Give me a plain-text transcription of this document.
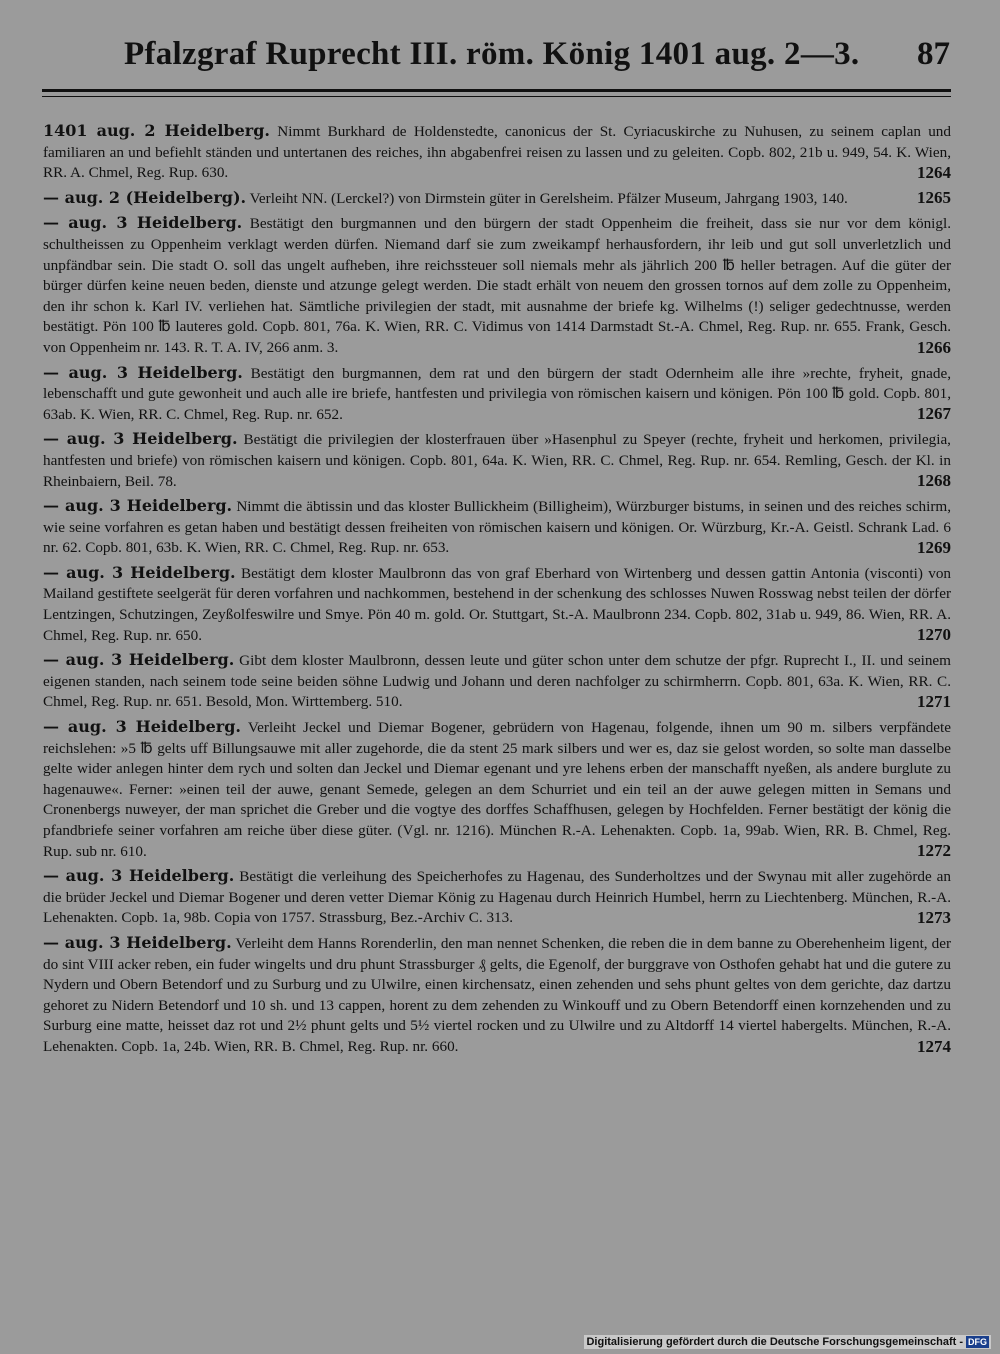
Pfalzgraf Ruprecht III. röm. König 1401 aug. 2—3. 87
1401 aug. 2 Heidelberg. Nimmt Burkhard de Holdenstedte, canonicus der St. Cyriacuskirche zu Nuhusen, zu seinem caplan und familiaren an und befiehlt ständen und untertanen des reiches, ihn abgabenfrei reisen zu lassen und zu geleiten. Copb. 802, 21b u. 949, 54. K. Wien, RR. A. Chmel, Reg. Rup. 630.	1264
— aug. 2 (Heidelberg). Verleiht NN. (Lerckel?) von Dirmstein güter in Gerelsheim. Pfälzer Museum, Jahrgang 1903, 140.	1265
— aug. 3 Heidelberg. Bestätigt den burgmannen und den bürgern der stadt Oppenheim die freiheit, dass sie nur vor dem königl. schultheissen zu Oppenheim verklagt werden dürfen. Niemand darf sie zum zweikampf herhausfordern, ihr leib und gut soll unverletzlich und unpfändbar sein. Die stadt O. soll das ungelt aufheben, ihre reichssteuer soll niemals mehr als jährlich 200 ℔ heller betragen. Auf die güter der bürger dürfen keine neuen beden, dienste und atzunge gelegt werden. Die stadt erhält von neuem den grossen tornos auf dem zolle zu Oppenheim, den ihr schon k. Karl IV. verliehen hat. Sämtliche privilegien der stadt, mit ausnahme der briefe kg. Wilhelms (!) seliger gedechtnusse, werden bestätigt. Pön 100 ℔ lauteres gold. Copb. 801, 76a. K. Wien, RR. C. Vidimus von 1414 Darmstadt St.-A. Chmel, Reg. Rup. nr. 655. Frank, Gesch. von Oppenheim nr. 143. R. T. A. IV, 266 anm. 3.	1266
— aug. 3 Heidelberg. Bestätigt den burgmannen, dem rat und den bürgern der stadt Odernheim alle ihre »rechte, fryheit, gnade, lebenschafft und gute gewonheit und auch alle ire briefe, hantfesten und privilegia von römischen kaisern und königen. Pön 100 ℔ gold. Copb. 801, 63ab. K. Wien, RR. C. Chmel, Reg. Rup. nr. 652.	1267
— aug. 3 Heidelberg. Bestätigt die privilegien der klosterfrauen über »Hasenphul zu Speyer (rechte, fryheit und herkomen, privilegia, hantfesten und briefe) von römischen kaisern und königen. Copb. 801, 64a. K. Wien, RR. C. Chmel, Reg. Rup. nr. 654. Remling, Gesch. der Kl. in Rheinbaiern, Beil. 78.	1268
— aug. 3 Heidelberg. Nimmt die äbtissin und das kloster Bullickheim (Billigheim), Würzburger bistums, in seinen und des reiches schirm, wie seine vorfahren es getan haben und bestätigt dessen freiheiten von römischen kaisern und königen. Or. Würzburg, Kr.-A. Geistl. Schrank Lad. 6 nr. 62. Copb. 801, 63b. K. Wien, RR. C. Chmel, Reg. Rup. nr. 653.	1269
— aug. 3 Heidelberg. Bestätigt dem kloster Maulbronn das von graf Eberhard von Wirtenberg und dessen gattin Antonia (visconti) von Mailand gestiftete seelgerät für deren vorfahren und nachkommen, bestehend in der schenkung des schlosses Nuwen Rosswag nebst teilen der dörfer Lentzingen, Schutzingen, Zeyßolfeswilre und Smye. Pön 40 m. gold. Or. Stuttgart, St.-A. Maulbronn 234. Copb. 802, 31ab u. 949, 86. Wien, RR. A. Chmel, Reg. Rup. nr. 650.	1270
— aug. 3 Heidelberg. Gibt dem kloster Maulbronn, dessen leute und güter schon unter dem schutze der pfgr. Ruprecht I., II. und seinem eigenen standen, nach seinem tode seine beiden söhne Ludwig und Johann und deren nachfolger zu schirmherrn. Copb. 801, 63a. K. Wien, RR. C. Chmel, Reg. Rup. nr. 651. Besold, Mon. Wirttemberg. 510.	1271
— aug. 3 Heidelberg. Verleiht Jeckel und Diemar Bogener, gebrüdern von Hagenau, folgende, ihnen um 90 m. silbers verpfändete reichslehen: »5 ℔ gelts uff Billungsauwe mit aller zugehorde, die da stent 25 mark silbers und wer es, daz sie gelost worden, so solte man dasselbe gelte wider anlegen hinter dem rych und solten dan Jeckel und Diemar egenant und yre lehens erben der manschafft nyeßen, als andere burglute zu hagenauwe«. Ferner: »einen teil der auwe, genant Semede, gelegen an dem Schurriet und ein teil an der auwe gelegen mitten in Semans und Cronenbergs nuweyer, der man sprichet die Greber und die vogtye des dorffes Schaffhusen, gelegen by Hochfelden. Ferner bestätigt der könig die pfandbriefe seiner vorfahren am reiche über diese güter. (Vgl. nr. 1216). München R.-A. Lehenakten. Copb. 1a, 99ab. Wien, RR. B. Chmel, Reg. Rup. sub nr. 610.	1272
— aug. 3 Heidelberg. Bestätigt die verleihung des Speicherhofes zu Hagenau, des Sunderholtzes und der Swynau mit aller zugehörde an die brüder Jeckel und Diemar Bogener und deren vetter Diemar König zu Hagenau durch Heinrich Humbel, herrn zu Liechtenberg. München, R.-A. Lehenakten. Copb. 1a, 98b. Copia von 1757. Strassburg, Bez.-Archiv C. 313.	1273
— aug. 3 Heidelberg. Verleiht dem Hanns Rorenderlin, den man nennet Schenken, die reben die in dem banne zu Oberehenheim ligent, der do sint VIII acker reben, ein fuder wingelts und dru phunt Strassburger ₰ gelts, die Egenolf, der burggrave von Osthofen gehabt hat und die gutere zu Nydern und Obern Betendorf und zu Surburg und zu Ulwilre, einen kirchensatz, einen zehenden und sehs phunt geltes von dem gerichte, daz dartzu gehoret zu Nidern Betendorf und 10 sh. und 13 cappen, horent zu dem zehenden zu Winkouff und zu Obern Betendorff einen kornzehenden und zu Surburg eine matte, heisset daz rot und 2½ phunt gelts und 5½ viertel rocken und zu Ulwilre und zu Altdorff 14 viertel habergelts. München, R.-A. Lehenakten. Copb. 1a, 24b. Wien, RR. B. Chmel, Reg. Rup. nr. 660.	1274
Digitalisierung gefördert durch die Deutsche Forschungsgemeinschaft - DFG
